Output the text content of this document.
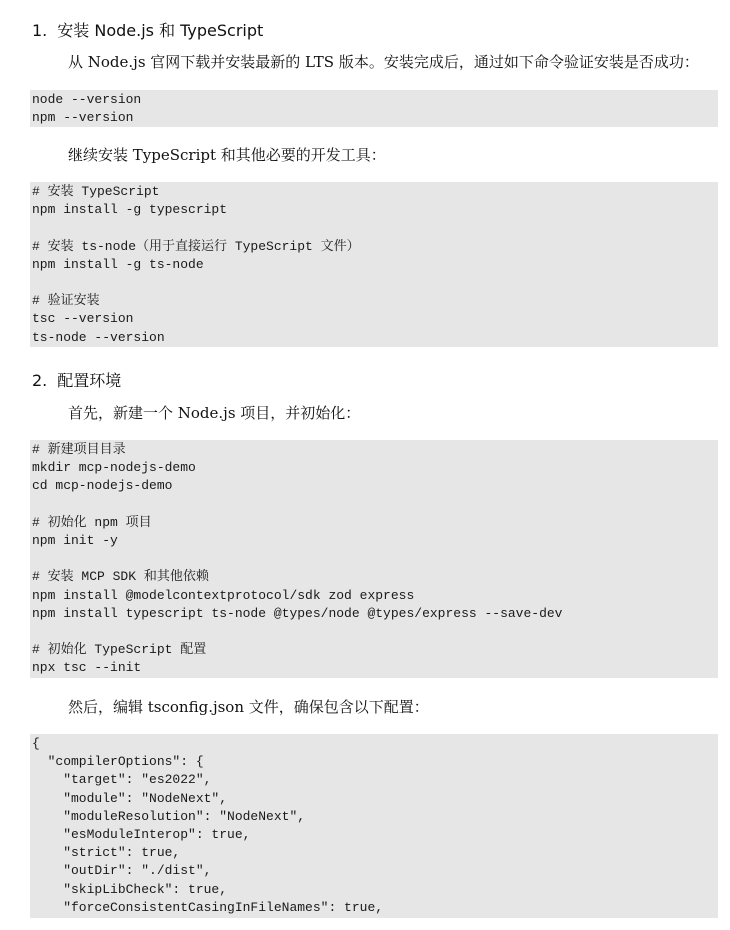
1. 安装 Node.js 和 TypeScript
从 Node.js 官网下载并安装最新的 LTS 版本。安装完成后，通过如下命令验证安装是否成功：
node --version
npm --version
继续安装 TypeScript 和其他必要的开发工具：
# 安装 TypeScript
npm install -g typescript
# 安装 ts-node（用于直接运行 TypeScript 文件）
npm install -g ts-node
# 验证安装
tsc --version
ts-node --version
2. 配置环境
首先，新建一个 Node.js 项目，并初始化：
# 新建项目目录
mkdir mcp-nodejs-demo
cd mcp-nodejs-demo
# 初始化 npm 项目
npm init -y
# 安装 MCP SDK 和其他依赖
npm install @modelcontextprotocol/sdk zod express
npm install typescript ts-node @types/node @types/express --save-dev
# 初始化 TypeScript 配置
npx tsc --init
然后，编辑 tsconfig.json 文件，确保包含以下配置：
{
"compilerOptions": {
"target": "es2022",
"module": "NodeNext",
"moduleResolution": "NodeNext",
"esModuleInterop": true,
"strict": true,
"outDir": "./dist",
"skipLibCheck": true,
"forceConsistentCasingInFileNames": true,
